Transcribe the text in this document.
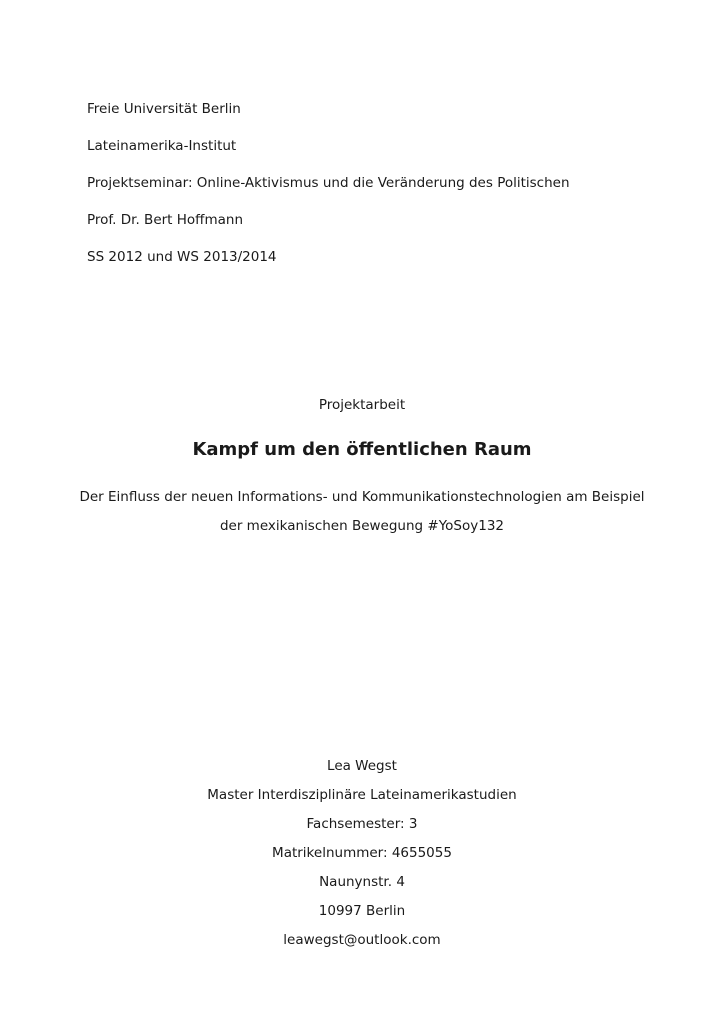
Freie Universität Berlin
Lateinamerika-Institut
Projektseminar: Online-Aktivismus und die Veränderung des Politischen
Prof. Dr. Bert Hoffmann
SS 2012 und WS 2013/2014
Projektarbeit
Kampf um den öffentlichen Raum
Der Einfluss der neuen Informations- und Kommunikationstechnologien am Beispiel
der mexikanischen Bewegung #YoSoy132
Lea Wegst
Master Interdisziplinäre Lateinamerikastudien
Fachsemester: 3
Matrikelnummer: 4655055
Naunynstr. 4
10997 Berlin
leawegst@outlook.com
